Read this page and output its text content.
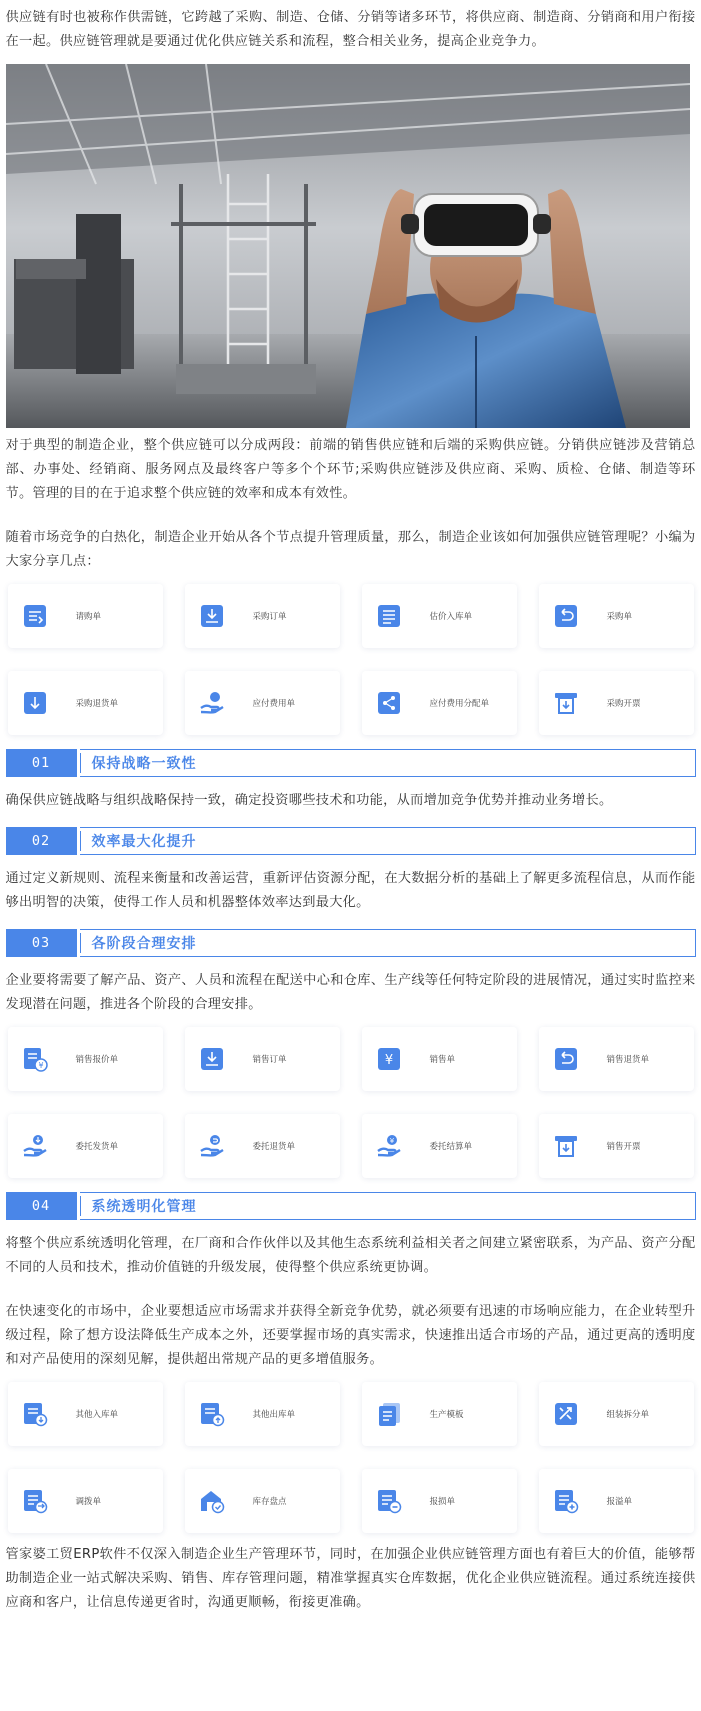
供应链有时也被称作供需链，它跨越了采购、制造、仓储、分销等诸多环节，将供应商、制造商、分销商和用户衔接在一起。供应链管理就是要通过优化供应链关系和流程，整合相关业务，提高企业竞争力。

对于典型的制造企业，整个供应链可以分成两段：前端的销售供应链和后端的采购供应链。分销供应链涉及营销总部、办事处、经销商、服务网点及最终客户等多个个环节;采购供应链涉及供应商、采购、质检、仓储、制造等环节。管理的目的在于追求整个供应链的效率和成本有效性。

随着市场竞争的白热化，制造企业开始从各个节点提升管理质量，那么，制造企业该如何加强供应链管理呢？小编为大家分享几点：

请购单	采购订单	估价入库单	采购单
采购退货单	应付费用单	应付费用分配单	采购开票
01	保持战略一致性

确保供应链战略与组织战略保持一致，确定投资哪些技术和功能，从而增加竞争优势并推动业务增长。

02	效率最大化提升

通过定义新规则、流程来衡量和改善运营，重新评估资源分配，在大数据分析的基础上了解更多流程信息，从而作能够出明智的决策，使得工作人员和机器整体效率达到最大化。

03	各阶段合理安排

企业要将需要了解产品、资产、人员和流程在配送中心和仓库、生产线等任何特定阶段的进展情况，通过实时监控来发现潜在问题，推进各个阶段的合理安排。

¥
销售报价单	销售订单	¥	销售单	销售退货单
委托发货单	委托退货单
¥
委托结算单	销售开票
04	系统透明化管理

将整个供应系统透明化管理，在厂商和合作伙伴以及其他生态系统利益相关者之间建立紧密联系，为产品、资产分配不同的人员和技术，推动价值链的升级发展，使得整个供应系统更协调。

在快速变化的市场中，企业要想适应市场需求并获得全新竞争优势，就必须要有迅速的市场响应能力，在企业转型升级过程，除了想方设法降低生产成本之外，还要掌握市场的真实需求，快速推出适合市场的产品，通过更高的透明度和对产品使用的深刻见解，提供超出常规产品的更多增值服务。

其他入库单	其他出库单	生产模板	组装拆分单
调拨单	库存盘点	报损单	报溢单

管家婆工贸ERP软件不仅深入制造企业生产管理环节，同时，在加强企业供应链管理方面也有着巨大的价值，能够帮助制造企业一站式解决采购、销售、库存管理问题，精准掌握真实仓库数据，优化企业供应链流程。通过系统连接供应商和客户，让信息传递更省时，沟通更顺畅，衔接更准确。
